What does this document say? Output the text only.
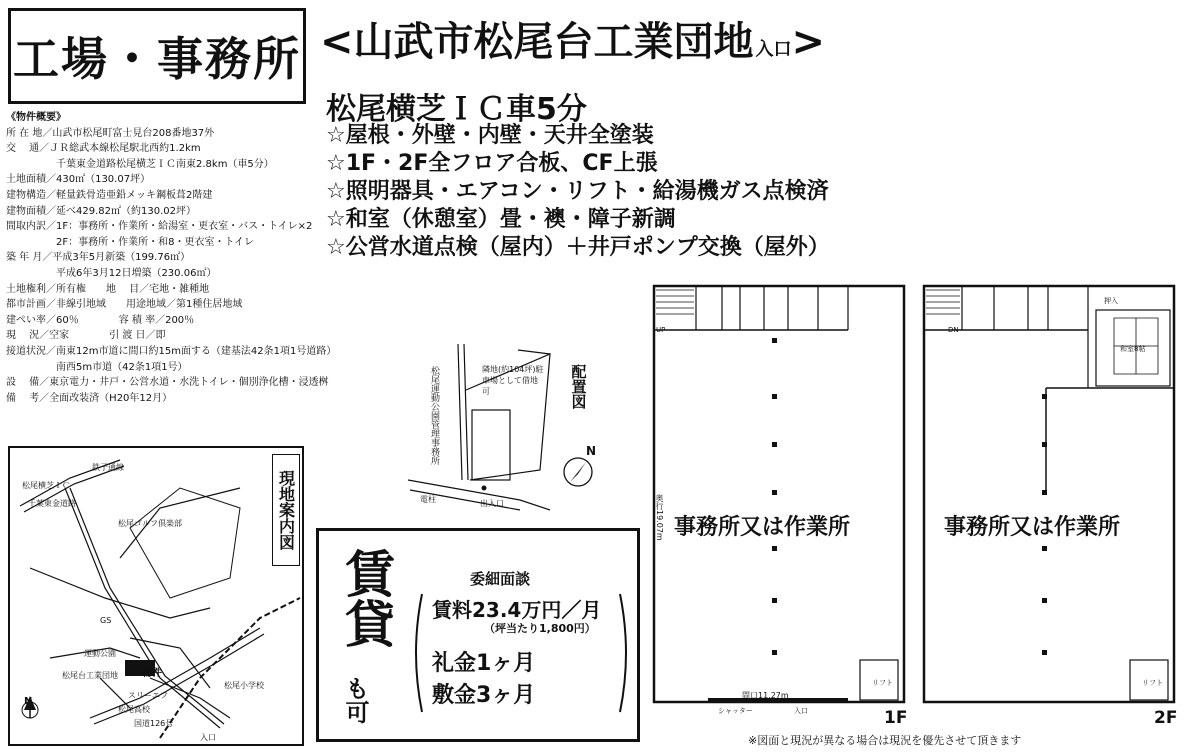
工場・事務所 <山武市松尾台工業団地 入口 >
松尾横芝ＩＣ車5分
☆屋根・外壁・内壁・天井全塗装
☆1F・2F全フロア合板、CF上張
☆照明器具・エアコン・リフト・給湯機ガス点検済
☆和室（休憩室）畳・襖・障子新調
☆公営水道点検（屋内）＋井戸ポンプ交換（屋外）
《物件概要》
所 在 地／山武市松尾町富士見台208番地37外
交　 通／ＪＲ総武本線松尾駅北西約1.2km
　　　　　千葉東金道路松尾横芝ＩＣ南東2.8km（車5分）
土地面積／430㎡（130.07坪）
建物構造／軽量鉄骨造亜鉛メッキ鋼板葺2階建
建物面積／延べ429.82㎡（約130.02坪）
間取内訳／1F：事務所・作業所・給湯室・更衣室・バス・トイレ×2
　　　　　2F：事務所・作業所・和8・更衣室・トイレ
築 年 月／平成3年5月新築（199.76㎡）
　　　　　平成6年3月12日増築（230.06㎡）
土地権利／所有権　　地　 目／宅地・雑種地
都市計画／非線引地域　　用途地域／第1種住居地域
建ぺい率／60％　　　　容 積 率／200％
現　 況／空家　　　　引 渡 日／即
接道状況／南東12m市道に間口約15m面する（建基法42条1項1号道路）
　　　　　南西5m市道（42条1項1号）
設　 備／東京電力・井戸・公営水道・水洗トイレ・個別浄化槽・浸透桝
備　 考／全面改装済（H20年12月）
現地案内図
松尾横芝ＩＣ
千葉東金道路
鉄子通線
松尾ゴルフ倶楽部
GS
運動公園
物件
松尾台工業団地
松尾小学校
松尾高校
国道126号
入口
スリーエフ
N
配置図
隣地(約104坪)駐車場として借地可
松尾運動公園管理事務所
電柱	出入口
N
賃貸
も可
委細面談
賃料23.4万円／月
（坪当たり1,800円）
礼金1ヶ月
敷金3ヶ月
事務所又は作業所
1F
奥行19.07m
間口11.27m
シャッター	入口
リフト
UP
事務所又は作業所
2F
和室8帖
押入
リフト
DN
※図面と現況が異なる場合は現況を優先させて頂きます
